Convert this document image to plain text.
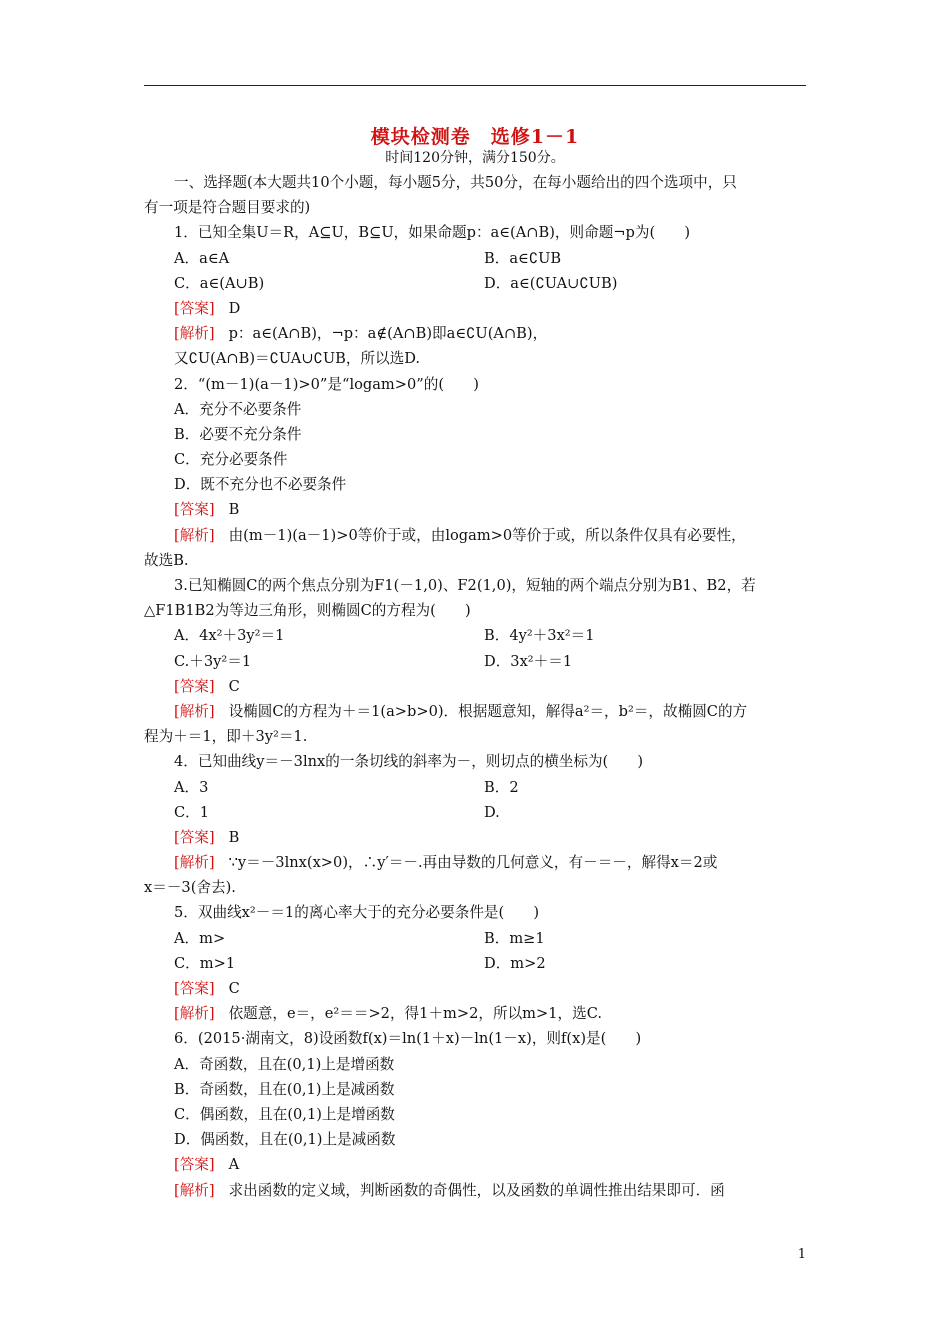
模块检测卷　选修1－1
时间120分钟，满分150分。
一、选择题(本大题共10个小题，每小题5分，共50分，在每小题给出的四个选项中，只
有一项是符合题目要求的)
1．已知全集U＝R，A⊆U，B⊆U，如果命题p：a∈(A∩B)，则命题¬p为(　　)
A．a∈A	B．a∈∁UB
C．a∈(A∪B)	D．a∈(∁UA∪∁UB)
[答案] D
[解析] p：a∈(A∩B)，¬p：a∉(A∩B)即a∈∁U(A∩B)，
又∁U(A∩B)＝∁UA∪∁UB，所以选D.
2．“(m－1)(a－1)>0”是“logam>0”的(　　)
A．充分不必要条件
B．必要不充分条件
C．充分必要条件
D．既不充分也不必要条件
[答案] B
[解析] 由(m－1)(a－1)>0等价于或，由logam>0等价于或，所以条件仅具有必要性，
故选B.
3.已知椭圆C的两个焦点分别为F1(－1,0)、F2(1,0)，短轴的两个端点分别为B1、B2，若
△F1B1B2为等边三角形，则椭圆C的方程为(　　)
A．4x²＋3y²＝1	B．4y²＋3x²＝1
C.＋3y²＝1	D．3x²＋＝1
[答案] C
[解析] 设椭圆C的方程为＋＝1(a>b>0)．根据题意知，解得a²＝，b²＝，故椭圆C的方
程为＋＝1，即＋3y²＝1.
4．已知曲线y＝－3lnx的一条切线的斜率为－，则切点的横坐标为(　　)
A．3	B．2
C．1	D.
[答案] B
[解析] ∵y＝－3lnx(x>0)，∴y′＝－.再由导数的几何意义，有－＝－，解得x＝2或
x＝－3(舍去).
5．双曲线x²－＝1的离心率大于的充分必要条件是(　　)
A．m>	B．m≥1
C．m>1	D．m>2
[答案] C
[解析] 依题意，e＝，e²＝＝>2，得1＋m>2，所以m>1，选C.
6．(2015·湖南文，8)设函数f(x)＝ln(1＋x)－ln(1－x)，则f(x)是(　　)
A．奇函数，且在(0,1)上是增函数
B．奇函数，且在(0,1)上是减函数
C．偶函数，且在(0,1)上是增函数
D．偶函数，且在(0,1)上是减函数
[答案] A
[解析] 求出函数的定义域，判断函数的奇偶性，以及函数的单调性推出结果即可．函
1
